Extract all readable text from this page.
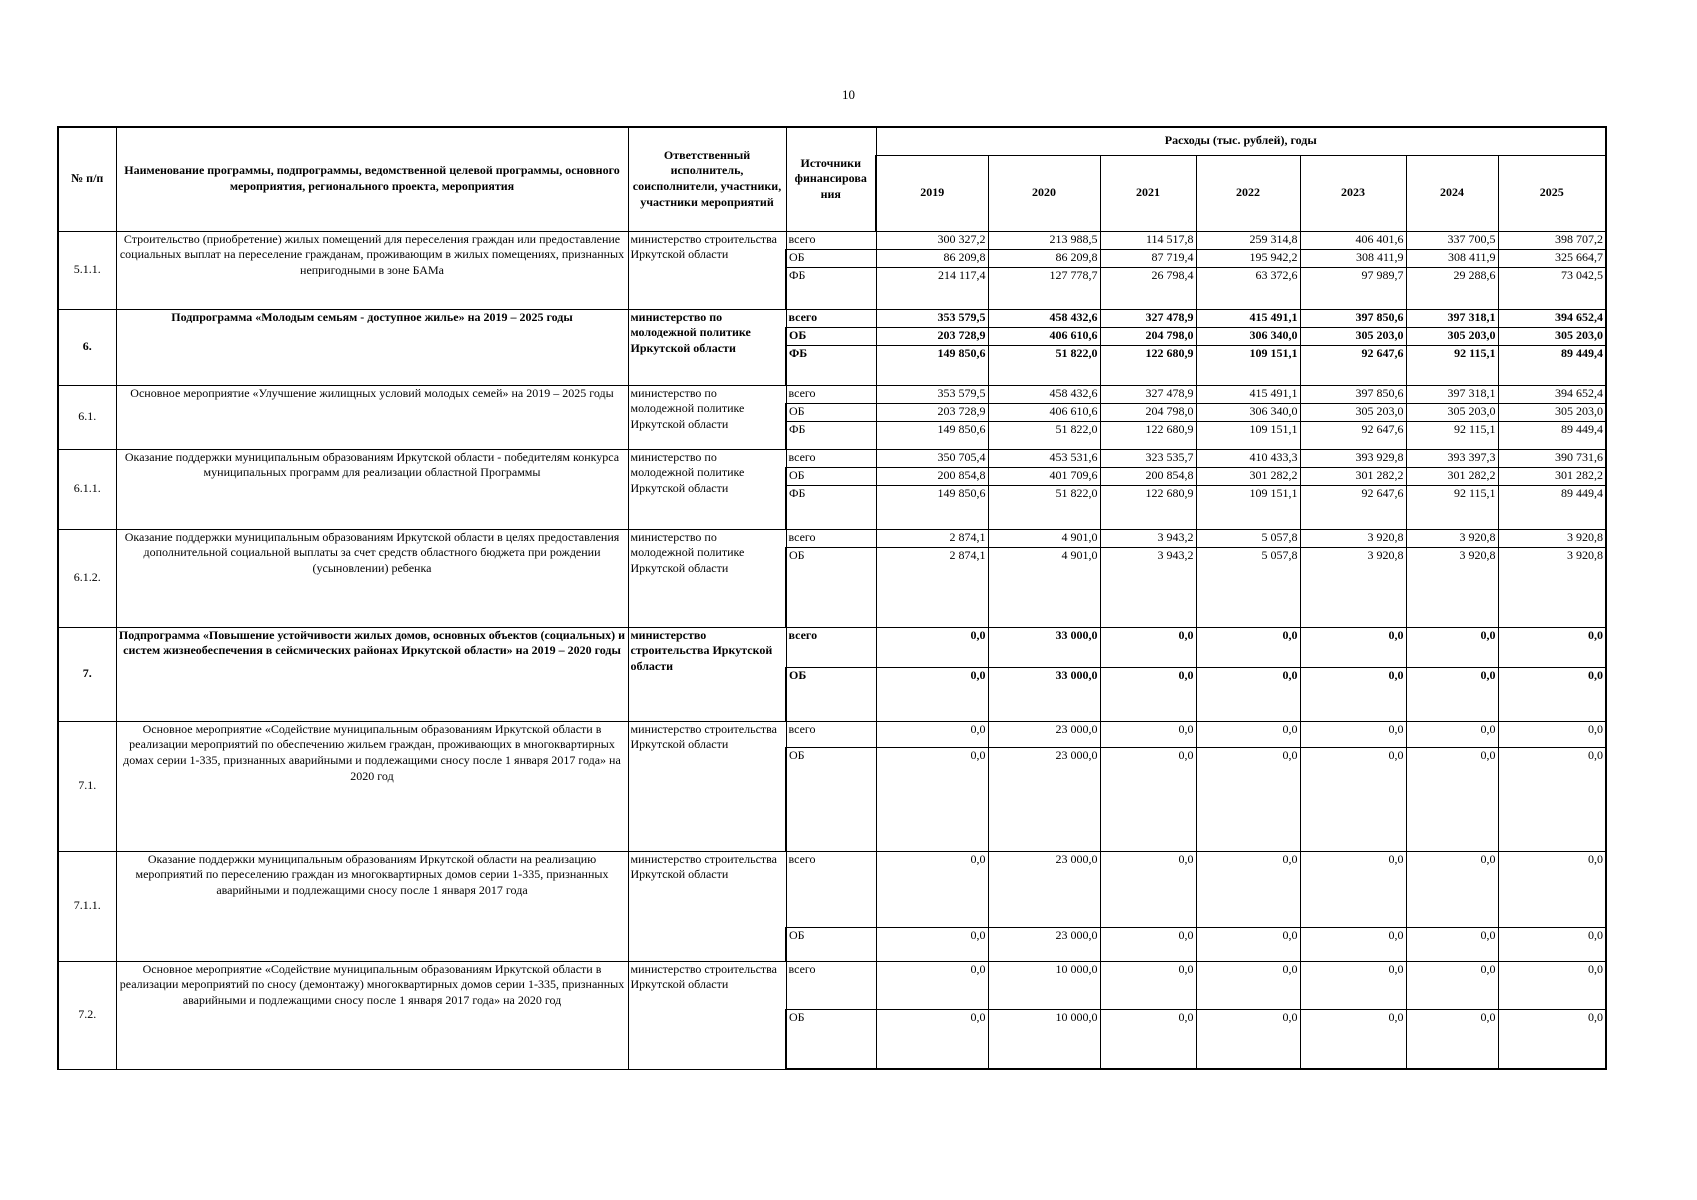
10
№ п/п	Наименование программы, подпрограммы, ведомственной целевой программы, основного мероприятия, регионального проекта, мероприятия	Ответственный исполнитель, соисполнители, участники, участники мероприятий	Источники финансирова ния	Расходы (тыс. рублей), годы						
				2019	2020	2021	2022	2023	2024	2025
5.1.1.	Строительство (приобретение) жилых помещений для переселения граждан или предоставление социальных выплат на переселение гражданам, проживающим в жилых помещениях, признанных непригодными в зоне БАМа	министерство строительства Иркутской области	всего	300 327,2	213 988,5	114 517,8	259 314,8	406 401,6	337 700,5	398 707,2
			ОБ	86 209,8	86 209,8	87 719,4	195 942,2	308 411,9	308 411,9	325 664,7
			ФБ	214 117,4	127 778,7	26 798,4	63 372,6	97 989,7	29 288,6	73 042,5
6.	Подпрограмма «Молодым семьям - доступное жилье» на 2019 – 2025 годы	министерство по молодежной политике Иркутской области	всего	353 579,5	458 432,6	327 478,9	415 491,1	397 850,6	397 318,1	394 652,4
			ОБ	203 728,9	406 610,6	204 798,0	306 340,0	305 203,0	305 203,0	305 203,0
			ФБ	149 850,6	51 822,0	122 680,9	109 151,1	92 647,6	92 115,1	89 449,4
6.1.	Основное мероприятие «Улучшение жилищных условий молодых семей» на 2019 – 2025 годы	министерство по молодежной политике Иркутской области	всего	353 579,5	458 432,6	327 478,9	415 491,1	397 850,6	397 318,1	394 652,4
			ОБ	203 728,9	406 610,6	204 798,0	306 340,0	305 203,0	305 203,0	305 203,0
			ФБ	149 850,6	51 822,0	122 680,9	109 151,1	92 647,6	92 115,1	89 449,4
6.1.1.	Оказание поддержки муниципальным образованиям Иркутской области - победителям конкурса муниципальных программ для реализации областной Программы	министерство по молодежной политике Иркутской области	всего	350 705,4	453 531,6	323 535,7	410 433,3	393 929,8	393 397,3	390 731,6
			ОБ	200 854,8	401 709,6	200 854,8	301 282,2	301 282,2	301 282,2	301 282,2
			ФБ	149 850,6	51 822,0	122 680,9	109 151,1	92 647,6	92 115,1	89 449,4
6.1.2.	Оказание поддержки муниципальным образованиям Иркутской области в целях предоставления дополнительной социальной выплаты за счет средств областного бюджета при рождении (усыновлении) ребенка	министерство по молодежной политике Иркутской области	всего	2 874,1	4 901,0	3 943,2	5 057,8	3 920,8	3 920,8	3 920,8
			ОБ	2 874,1	4 901,0	3 943,2	5 057,8	3 920,8	3 920,8	3 920,8
7.	Подпрограмма «Повышение устойчивости жилых домов, основных объектов (социальных) и систем жизнеобеспечения в сейсмических районах Иркутской области» на 2019 – 2020 годы	министерство строительства Иркутской области	всего	0,0	33 000,0	0,0	0,0	0,0	0,0	0,0
			ОБ	0,0	33 000,0	0,0	0,0	0,0	0,0	0,0
7.1.	Основное мероприятие «Содействие муниципальным образованиям Иркутской области в реализации мероприятий по обеспечению жильем граждан, проживающих в многоквартирных домах серии 1-335, признанных аварийными и подлежащими сносу после 1 января 2017 года» на 2020 год	министерство строительства Иркутской области	всего	0,0	23 000,0	0,0	0,0	0,0	0,0	0,0
			ОБ	0,0	23 000,0	0,0	0,0	0,0	0,0	0,0
7.1.1.	Оказание поддержки муниципальным образованиям Иркутской области на реализацию мероприятий по переселению граждан из многоквартирных домов серии 1-335, признанных аварийными и подлежащими сносу после 1 января 2017 года	министерство строительства Иркутской области	всего	0,0	23 000,0	0,0	0,0	0,0	0,0	0,0
			ОБ	0,0	23 000,0	0,0	0,0	0,0	0,0	0,0
7.2.	Основное мероприятие «Содействие муниципальным образованиям Иркутской области в реализации мероприятий по сносу (демонтажу) многоквартирных домов серии 1-335, признанных аварийными и подлежащими сносу после 1 января 2017 года» на 2020 год	министерство строительства Иркутской области	всего	0,0	10 000,0	0,0	0,0	0,0	0,0	0,0
			ОБ	0,0	10 000,0	0,0	0,0	0,0	0,0	0,0
